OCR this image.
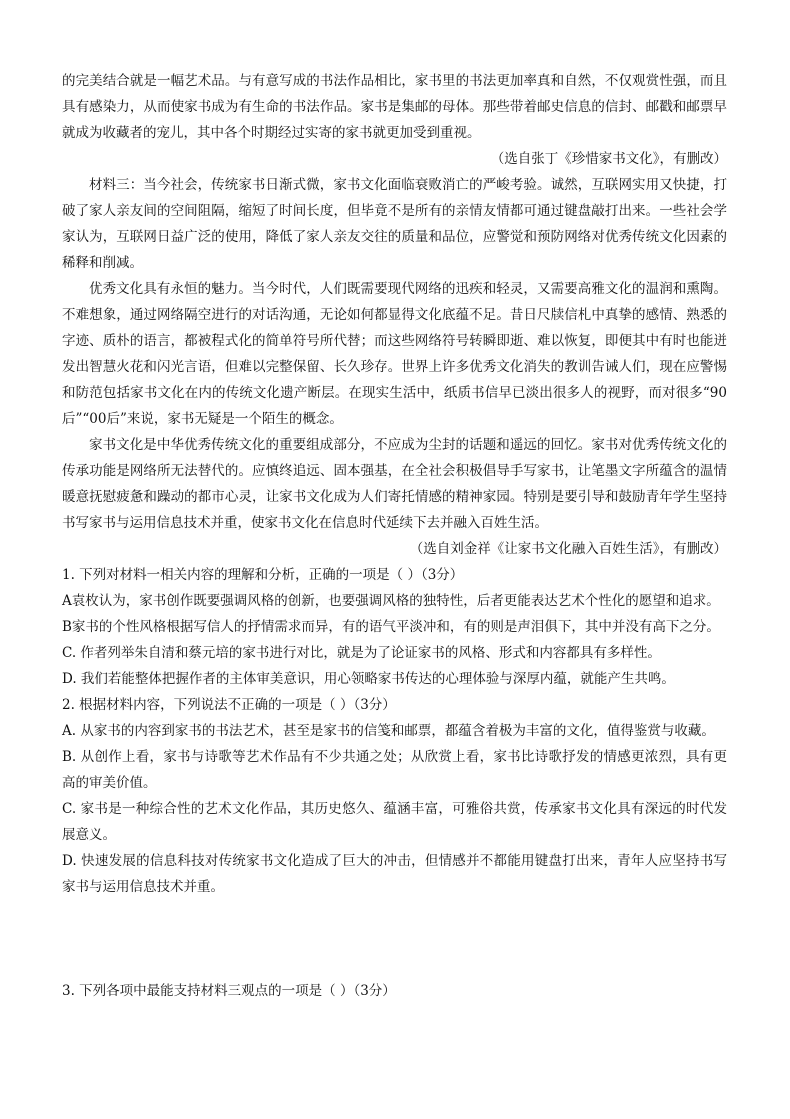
的完美结合就是一幅艺术品。与有意写成的书法作品相比，家书里的书法更加率真和自然，不仅观赏性强，而且具有感染力，从而使家书成为有生命的书法作品。家书是集邮的母体。那些带着邮史信息的信封、邮戳和邮票早就成为收藏者的宠儿，其中各个时期经过实寄的家书就更加受到重视。

（选自张丁《珍惜家书文化》，有删改）

材料三：当今社会，传统家书日渐式微，家书文化面临衰败消亡的严峻考验。诚然，互联网实用又快捷，打破了家人亲友间的空间阻隔，缩短了时间长度，但毕竟不是所有的亲情友情都可通过键盘敲打出来。一些社会学家认为，互联网日益广泛的使用，降低了家人亲友交往的质量和品位，应警觉和预防网络对优秀传统文化因素的稀释和削减。

优秀文化具有永恒的魅力。当今时代，人们既需要现代网络的迅疾和轻灵，又需要高雅文化的温润和熏陶。不难想象，通过网络隔空进行的对话沟通，无论如何都显得文化底蕴不足。昔日尺牍信札中真挚的感情、熟悉的字迹、质朴的语言，都被程式化的简单符号所代替；而这些网络符号转瞬即逝、难以恢复，即便其中有时也能迸发出智慧火花和闪光言语，但难以完整保留、长久珍存。世界上许多优秀文化消失的教训告诫人们，现在应警惕和防范包括家书文化在内的传统文化遗产断层。在现实生活中，纸质书信早已淡出很多人的视野，而对很多“90后”“00后”来说，家书无疑是一个陌生的概念。

家书文化是中华优秀传统文化的重要组成部分，不应成为尘封的话题和遥远的回忆。家书对优秀传统文化的传承功能是网络所无法替代的。应慎终追远、固本强基，在全社会积极倡导手写家书，让笔墨文字所蕴含的温情暖意抚慰疲惫和躁动的都市心灵，让家书文化成为人们寄托情感的精神家园。特别是要引导和鼓励青年学生坚持书写家书与运用信息技术并重，使家书文化在信息时代延续下去并融入百姓生活。

（选自刘金祥《让家书文化融入百姓生活》，有删改）

1. 下列对材料一相关内容的理解和分析，正确的一项是（ ）（3分）

A袁枚认为，家书创作既要强调风格的创新，也要强调风格的独特性，后者更能表达艺术个性化的愿望和追求。

B家书的个性风格根据写信人的抒情需求而异，有的语气平淡冲和，有的则是声泪俱下，其中并没有高下之分。

C. 作者列举朱自清和蔡元培的家书进行对比，就是为了论证家书的风格、形式和内容都具有多样性。

D. 我们若能整体把握作者的主体审美意识，用心领略家书传达的心理体验与深厚内蕴，就能产生共鸣。

2. 根据材料内容，下列说法不正确的一项是（ ）（3分）

A. 从家书的内容到家书的书法艺术，甚至是家书的信笺和邮票，都蕴含着极为丰富的文化，值得鉴赏与收藏。

B. 从创作上看，家书与诗歌等艺术作品有不少共通之处；从欣赏上看，家书比诗歌抒发的情感更浓烈，具有更高的审美价值。

C. 家书是一种综合性的艺术文化作品，其历史悠久、蕴涵丰富，可雅俗共赏，传承家书文化具有深远的时代发展意义。

D. 快速发展的信息科技对传统家书文化造成了巨大的冲击，但情感并不都能用键盘打出来，青年人应坚持书写家书与运用信息技术并重。

3. 下列各项中最能支持材料三观点的一项是（ ）（3分）
